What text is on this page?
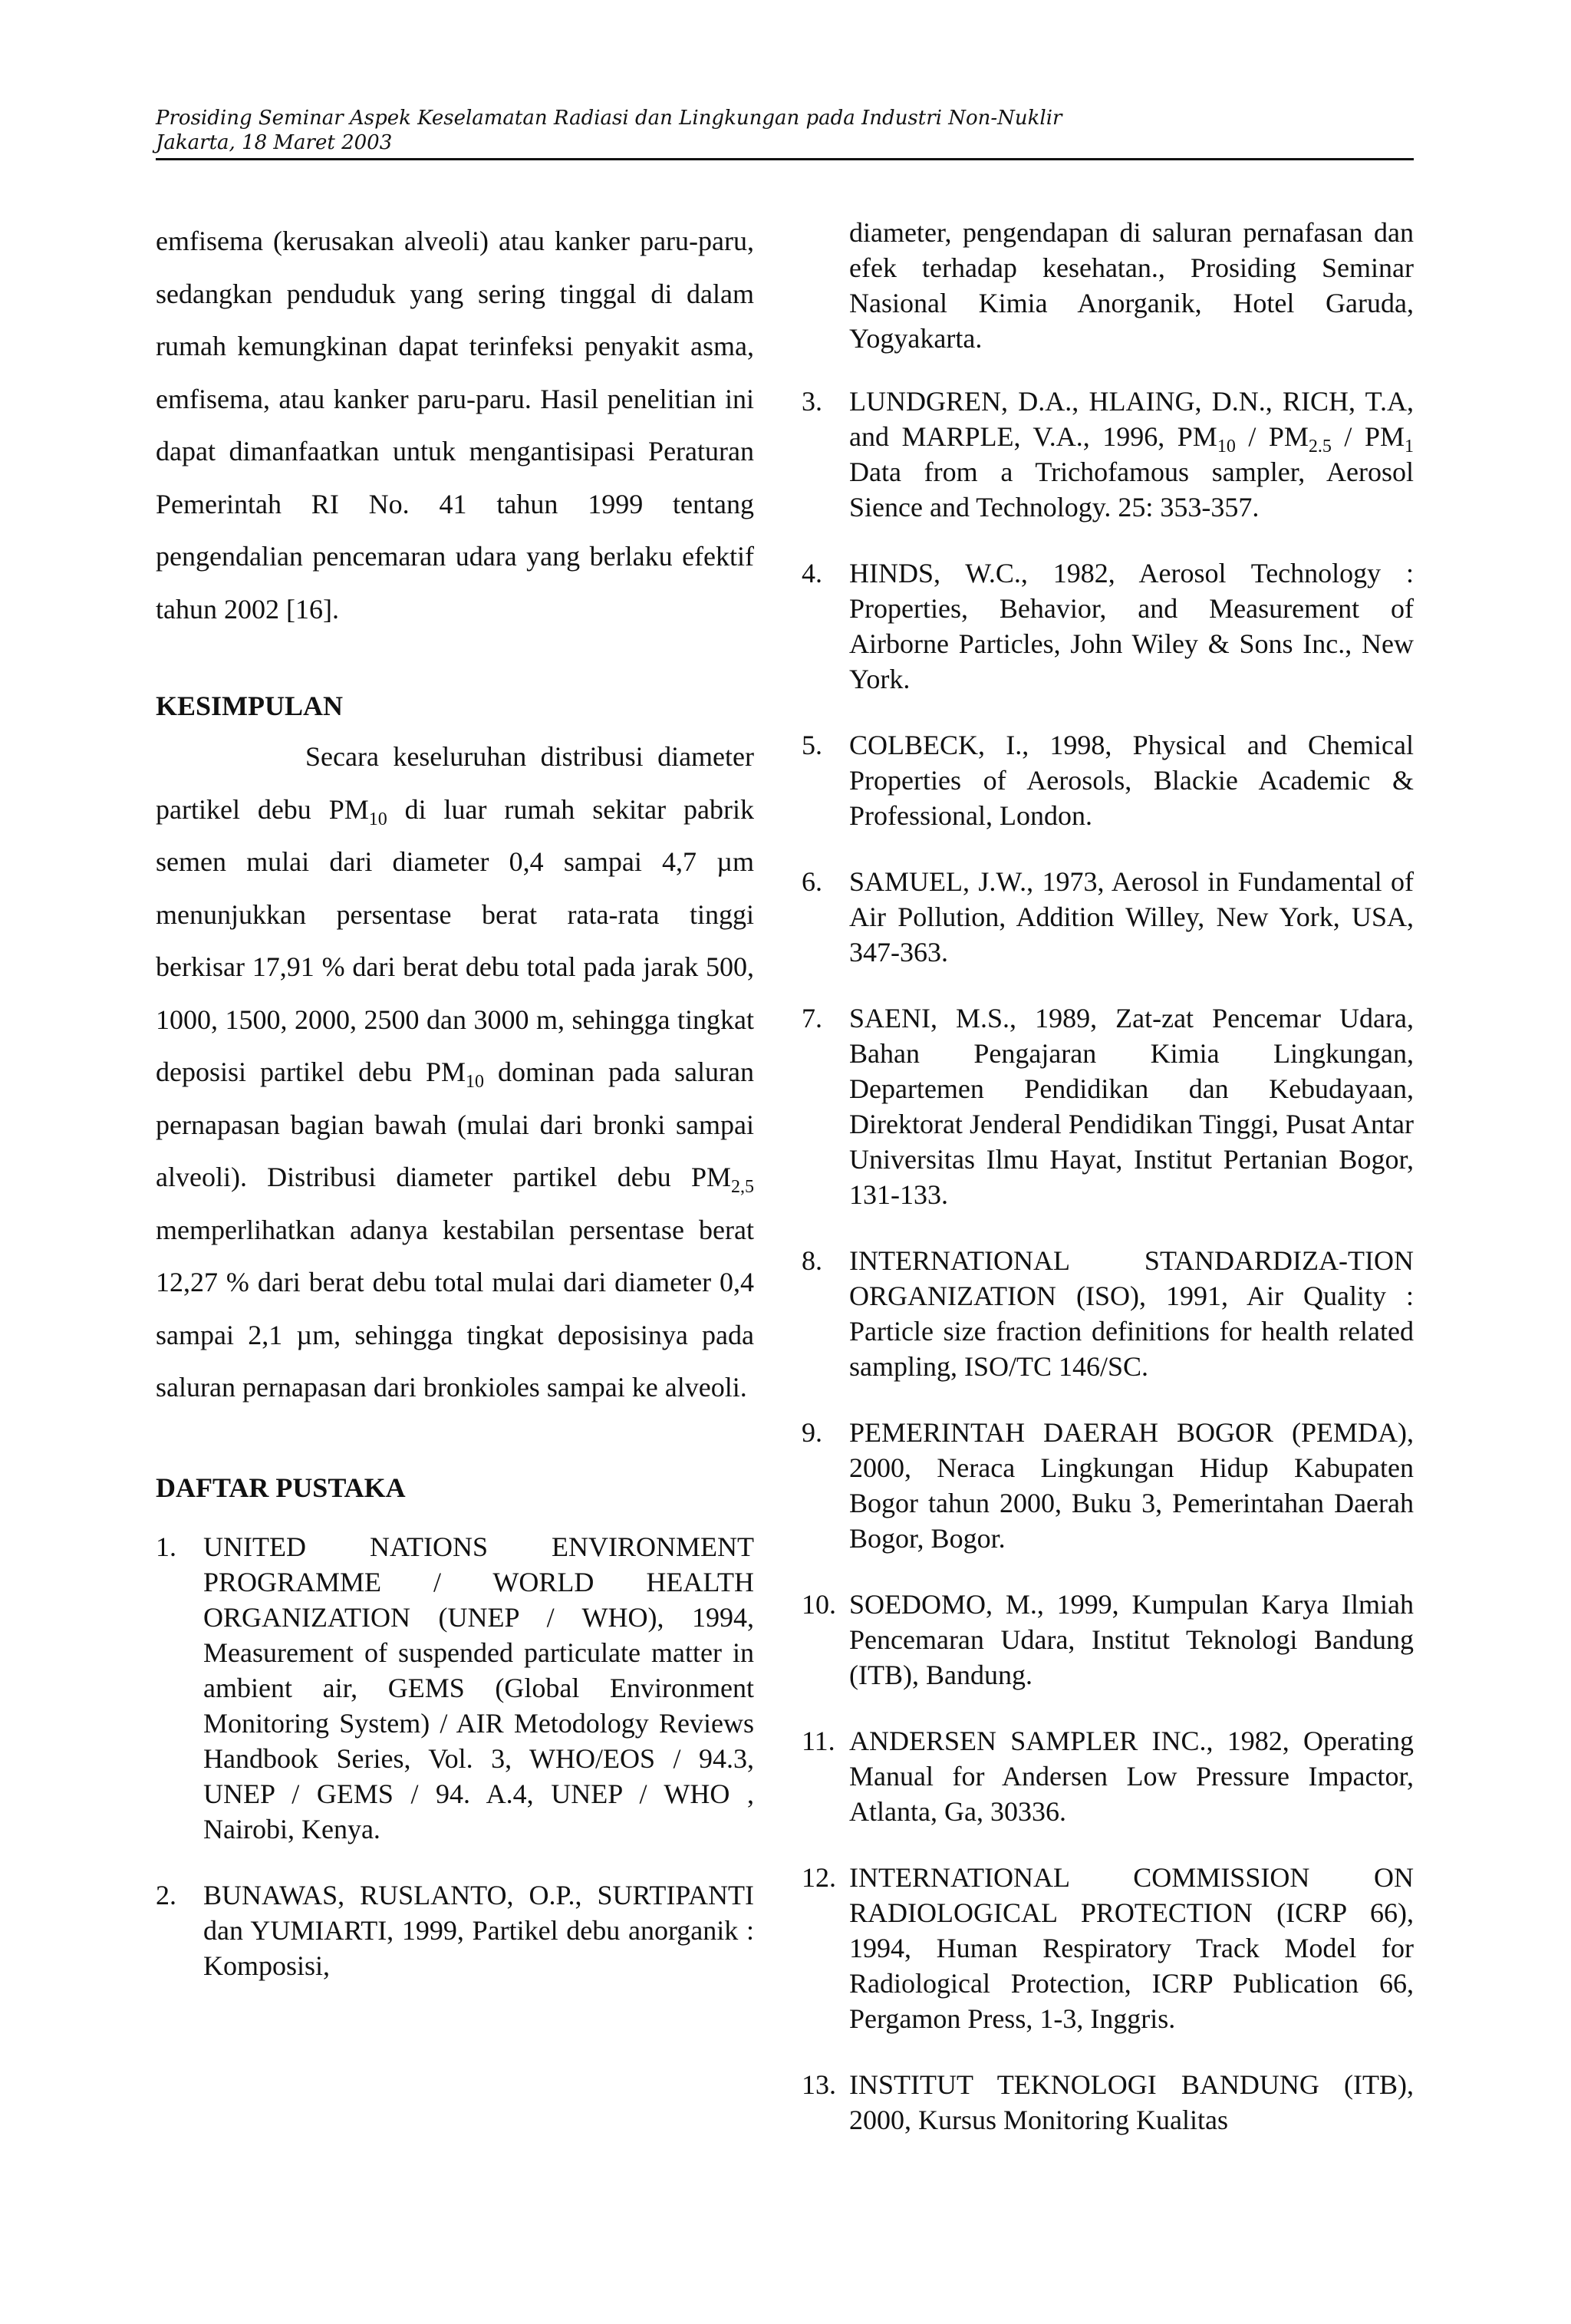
Prosiding Seminar Aspek Keselamatan Radiasi dan Lingkungan pada Industri Non-Nuklir
Jakarta, 18 Maret 2003

emfisema (kerusakan alveoli) atau kanker paru-paru, sedangkan penduduk yang sering tinggal di dalam rumah kemungkinan dapat terinfeksi penyakit asma, emfisema, atau kanker paru-paru. Hasil penelitian ini dapat dimanfaatkan untuk mengantisipasi Peraturan Pemerintah RI No. 41 tahun 1999 tentang pengendalian pencemaran udara yang berlaku efektif tahun 2002 [16].

KESIMPULAN

Secara keseluruhan distribusi diameter partikel debu $PM_{10}$ di luar rumah sekitar pabrik semen mulai dari diameter 0,4 sampai 4,7 µm menunjukkan persentase berat rata-rata tinggi berkisar 17,91 % dari berat debu total pada jarak 500, 1000, 1500, 2000, 2500 dan 3000 m, sehingga tingkat deposisi partikel debu $PM_{10}$ dominan pada saluran pernapasan bagian bawah (mulai dari bronki sampai alveoli). Distribusi diameter partikel debu $PM_{2,5}$ memperlihatkan adanya kestabilan persentase berat 12,27 % dari berat debu total mulai dari diameter 0,4 sampai 2,1 µm, sehingga tingkat deposisinya pada saluran pernapasan dari bronkioles sampai ke alveoli.

DAFTAR PUSTAKA
1. UNITED NATIONS ENVIRONMENT PROGRAMME / WORLD HEALTH ORGANIZATION (UNEP / WHO), 1994, Measurement of suspended particulate matter in ambient air, GEMS (Global Environment Monitoring System) / AIR Metodology Reviews Handbook Series, Vol. 3, WHO/EOS / 94.3, UNEP / GEMS / 94. A.4, UNEP / WHO , Nairobi, Kenya.
2. BUNAWAS, RUSLANTO, O.P., SURTIPANTI dan YUMIARTI, 1999, Partikel debu anorganik : Komposisi,
diameter, pengendapan di saluran pernafasan dan efek terhadap kesehatan., Prosiding Seminar Nasional Kimia Anorganik, Hotel Garuda, Yogyakarta.
3. LUNDGREN, D.A., HLAING, D.N., RICH, T.A, and MARPLE, V.A., 1996, $PM_{10} / PM_{2.5} / PM_1$ Data from a Trichofamous sampler, Aerosol Sience and Technology. 25: 353-357.
4. HINDS, W.C., 1982, Aerosol Technology : Properties, Behavior, and Measurement of Airborne Particles, John Wiley & Sons Inc., New York.
5. COLBECK, I., 1998, Physical and Chemical Properties of Aerosols, Blackie Academic & Professional, London.
6. SAMUEL, J.W., 1973, Aerosol in Fundamental of Air Pollution, Addition Willey, New York, USA, 347-363.
7. SAENI, M.S., 1989, Zat-zat Pencemar Udara, Bahan Pengajaran Kimia Lingkungan, Departemen Pendidikan dan Kebudayaan, Direktorat Jenderal Pendidikan Tinggi, Pusat Antar Universitas Ilmu Hayat, Institut Pertanian Bogor, 131-133.
8. INTERNATIONAL STANDARDIZA-TION ORGANIZATION (ISO), 1991, Air Quality : Particle size fraction definitions for health related sampling, ISO/TC 146/SC.
9. PEMERINTAH DAERAH BOGOR (PEMDA), 2000, Neraca Lingkungan Hidup Kabupaten Bogor tahun 2000, Buku 3, Pemerintahan Daerah Bogor, Bogor.
10. SOEDOMO, M., 1999, Kumpulan Karya Ilmiah Pencemaran Udara, Institut Teknologi Bandung (ITB), Bandung.
11. ANDERSEN SAMPLER INC., 1982, Operating Manual for Andersen Low Pressure Impactor, Atlanta, Ga, 30336.
12. INTERNATIONAL COMMISSION ON RADIOLOGICAL PROTECTION (ICRP 66), 1994, Human Respiratory Track Model for Radiological Protection, ICRP Publication 66, Pergamon Press, 1-3, Inggris.
13. INSTITUT TEKNOLOGI BANDUNG (ITB), 2000, Kursus Monitoring Kualitas
